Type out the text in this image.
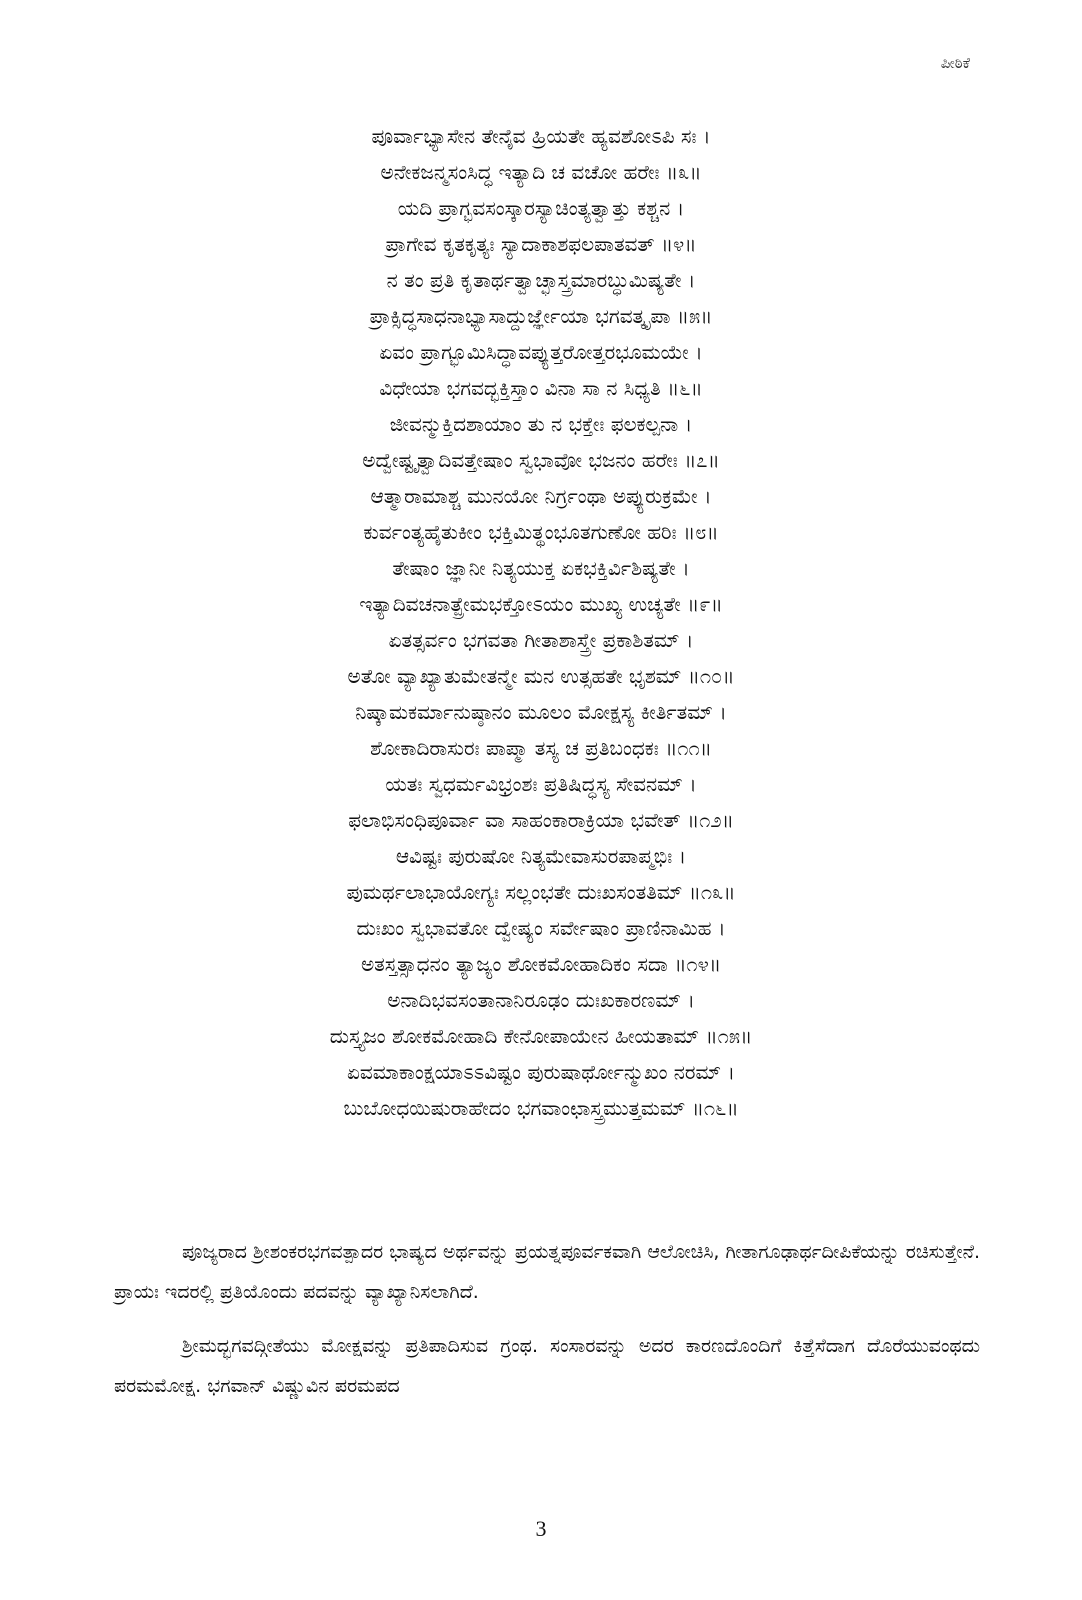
ಪೀಠಿಕೆ
ಪೂರ್ವಾಭ್ಯಾಸೇನ ತೇನೈವ ಹ್ರಿಯತೇ ಹ್ಯವಶೋಽಪಿ ಸಃ ।
ಅನೇಕಜನ್ಮಸಂಸಿದ್ಧ ಇತ್ಯಾದಿ ಚ ವಚೋ ಹರೇಃ ॥೩॥
ಯದಿ ಪ್ರಾಗ್ಭವಸಂಸ್ಕಾರಸ್ಯಾಚಿಂತ್ಯತ್ವಾತ್ತು ಕಶ್ಚನ ।
ಪ್ರಾಗೇವ ಕೃತಕೃತ್ಯಃ ಸ್ಯಾದಾಕಾಶಫಲಪಾತವತ್ ॥೪॥
ನ ತಂ ಪ್ರತಿ ಕೃತಾರ್ಥತ್ವಾಚ್ಛಾಸ್ತ್ರಮಾರಬ್ಧುಮಿಷ್ಯತೇ ।
ಪ್ರಾಕ್ಸಿದ್ಧಸಾಧನಾಭ್ಯಾಸಾದ್ದುರ್ಜ್ಞೇಯಾ ಭಗವತ್ಕೃಪಾ ॥೫॥
ಏವಂ ಪ್ರಾಗ್ಭೂಮಿಸಿದ್ಧಾವಪ್ಯುತ್ತರೋತ್ತರಭೂಮಯೇ ।
ವಿಧೇಯಾ ಭಗವದ್ಭಕ್ತಿಸ್ತಾಂ ವಿನಾ ಸಾ ನ ಸಿಧ್ಯತಿ ॥೬॥
ಜೀವನ್ಮುಕ್ತಿದಶಾಯಾಂ ತು ನ ಭಕ್ತೇಃ ಫಲಕಲ್ಪನಾ ।
ಅದ್ವೇಷ್ಟೃತ್ವಾದಿವತ್ತೇಷಾಂ ಸ್ವಭಾವೋ ಭಜನಂ ಹರೇಃ ॥೭॥
ಆತ್ಮಾರಾಮಾಶ್ಚ ಮುನಯೋ ನಿರ್ಗ್ರಂಥಾ ಅಪ್ಯುರುಕ್ರಮೇ ।
ಕುರ್ವಂತ್ಯಹೈತುಕೀಂ ಭಕ್ತಿಮಿತ್ಥಂಭೂತಗುಣೋ ಹರಿಃ ॥೮॥
ತೇಷಾಂ ಜ್ಞಾನೀ ನಿತ್ಯಯುಕ್ತ ಏಕಭಕ್ತಿರ್ವಿಶಿಷ್ಯತೇ ।
ಇತ್ಯಾದಿವಚನಾತ್ಪ್ರೇಮಭಕ್ತೋಽಯಂ ಮುಖ್ಯ ಉಚ್ಯತೇ ॥೯॥
ಏತತ್ಸರ್ವಂ ಭಗವತಾ ಗೀತಾಶಾಸ್ತ್ರೇ ಪ್ರಕಾಶಿತಮ್ ।
ಅತೋ ವ್ಯಾಖ್ಯಾತುಮೇತನ್ಮೇ ಮನ ಉತ್ಸಹತೇ ಭೃಶಮ್ ॥೧೦॥
ನಿಷ್ಕಾಮಕರ್ಮಾನುಷ್ಠಾನಂ ಮೂಲಂ ಮೋಕ್ಷಸ್ಯ ಕೀರ್ತಿತಮ್ ।
ಶೋಕಾದಿರಾಸುರಃ ಪಾಪ್ಮಾ ತಸ್ಯ ಚ ಪ್ರತಿಬಂಧಕಃ ॥೧೧॥
ಯತಃ ಸ್ವಧರ್ಮವಿಭ್ರಂಶಃ ಪ್ರತಿಷಿದ್ಧಸ್ಯ ಸೇವನಮ್ ।
ಫಲಾಭಿಸಂಧಿಪೂರ್ವಾ ವಾ ಸಾಹಂಕಾರಾಕ್ರಿಯಾ ಭವೇತ್ ॥೧೨॥
ಆವಿಷ್ಟಃ ಪುರುಷೋ ನಿತ್ಯಮೇವಾಸುರಪಾಪ್ಮಭಿಃ ।
ಪುಮರ್ಥಲಾಭಾಯೋಗ್ಯಃ ಸಲ್ಲಂಭತೇ ದುಃಖಸಂತತಿಮ್ ॥೧೩॥
ದುಃಖಂ ಸ್ವಭಾವತೋ ದ್ವೇಷ್ಯಂ ಸರ್ವೇಷಾಂ ಪ್ರಾಣಿನಾಮಿಹ ।
ಅತಸ್ತತ್ಸಾಧನಂ ತ್ಯಾಜ್ಯಂ ಶೋಕಮೋಹಾದಿಕಂ ಸದಾ ॥೧೪॥
ಅನಾದಿಭವಸಂತಾನಾನಿರೂಢಂ ದುಃಖಕಾರಣಮ್ ।
ದುಸ್ತ್ಯಜಂ ಶೋಕಮೋಹಾದಿ ಕೇನೋಪಾಯೇನ ಹೀಯತಾಮ್ ॥೧೫॥
ಏವಮಾಕಾಂಕ್ಷಯಾಽಽವಿಷ್ಟಂ ಪುರುಷಾರ್ಥೋನ್ಮುಖಂ ನರಮ್ ।
ಬುಬೋಧಯಿಷುರಾಹೇದಂ ಭಗವಾಂಛಾಸ್ತ್ರಮುತ್ತಮಮ್ ॥೧೬॥

ಪೂಜ್ಯರಾದ ಶ್ರೀಶಂಕರಭಗವತ್ಪಾದರ ಭಾಷ್ಯದ ಅರ್ಥವನ್ನು ಪ್ರಯತ್ನಪೂರ್ವಕವಾಗಿ ಆಲೋಚಿಸಿ, ಗೀತಾಗೂಢಾರ್ಥದೀಪಿಕೆಯನ್ನು ರಚಿಸುತ್ತೇನೆ. ಪ್ರಾಯಃ ಇದರಲ್ಲಿ ಪ್ರತಿಯೊಂದು ಪದವನ್ನು ವ್ಯಾಖ್ಯಾನಿಸಲಾಗಿದೆ.

ಶ್ರೀಮದ್ಭಗವದ್ಗೀತೆಯು ಮೋಕ್ಷವನ್ನು ಪ್ರತಿಪಾದಿಸುವ ಗ್ರಂಥ. ಸಂಸಾರವನ್ನು ಅದರ ಕಾರಣದೊಂದಿಗೆ ಕಿತ್ತೆಸೆದಾಗ ದೊರೆಯುವಂಥದು ಪರಮಮೋಕ್ಷ. ಭಗವಾನ್ ವಿಷ್ಣುವಿನ ಪರಮಪದ

3
